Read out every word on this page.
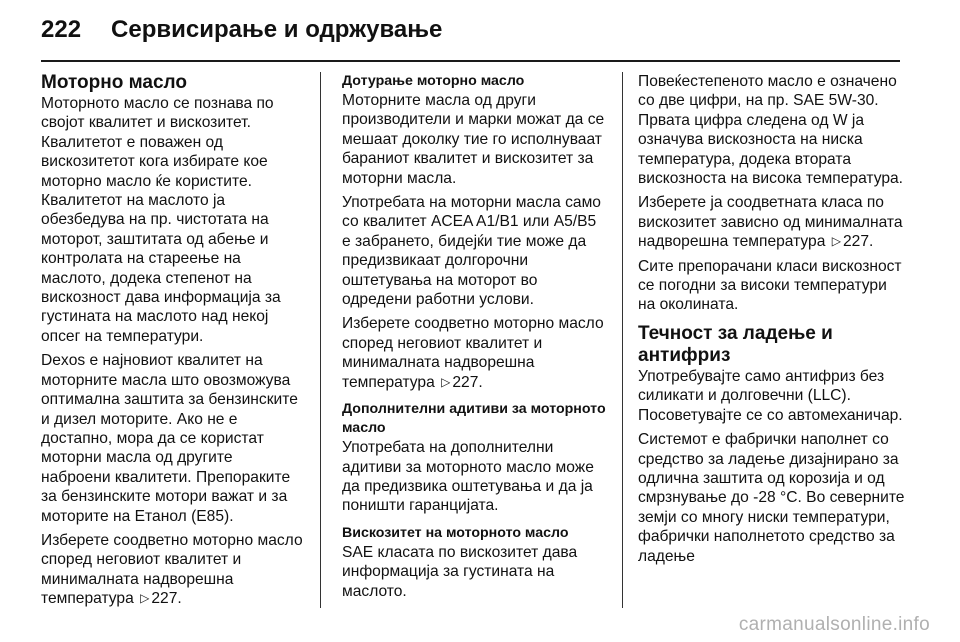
222 Сервисирање и одржување
Моторно масло

Моторното масло се познава по својот квалитет и вискозитет. Квалитетот е поважен од вискозитетот кога избирате кое моторно масло ќе користите. Квалитетот на маслото ја обезбедува на пр. чистотата на моторот, заштитата од абење и контролата на стареење на маслото, додека степенот на вискозност дава информација за густината на маслото над некој опсег на температури.

Dexos е најновиот квалитет на моторните масла што овозможува оптимална заштита за бензинските и дизел моторите. Ако не е достапно, мора да се користат моторни масла од другите наброени квалитети. Препораките за бензинските мотори важат и за моторите на Етанол (E85).

Изберете соодветно моторно масло според неговиот квалитет и минималната надворешна температура ▷ 227.

Дотурање моторно масло

Моторните масла од други производители и марки можат да се мешаат доколку тие го исполнуваат бараниот квалитет и вискозитет за моторни масла.

Употребата на моторни масла само со квалитет ACEA A1/B1 или A5/B5 е забрането, бидејќи тие може да предизвикаат долгорочни оштетувања на моторот во одредени работни услови.

Изберете соодветно моторно масло според неговиот квалитет и минималната надворешна температура ▷ 227.

Дополнителни адитиви за моторното масло

Употребата на дополнителни адитиви за моторното масло може да предизвика оштетувања и да ја поништи гаранцијата.

Вискозитет на моторното масло

SAE класата по вискозитет дава информација за густината на маслото.

Повеќестепеното масло е означено со две цифри, на пр. SAE 5W-30. Првата цифра следена од W ја означува вискозноста на ниска температура, додека втората вискозноста на висока температура.

Изберете ја соодветната класа по вискозитет зависно од минималната надворешна температура ▷ 227.

Сите препорачани класи вискозност се погодни за високи температури на околината.

Течност за ладење и антифриз

Употребувајте само антифриз без силикати и долговечни (LLC). Посоветувајте се со автомеханичар.

Системот е фабрички наполнет со средство за ладење дизајнирано за одлична заштита од корозија и од смрзнување до -28 °C. Во северните земји со многу ниски температури, фабрички наполнетото средство за ладење

carmanualsonline.info
